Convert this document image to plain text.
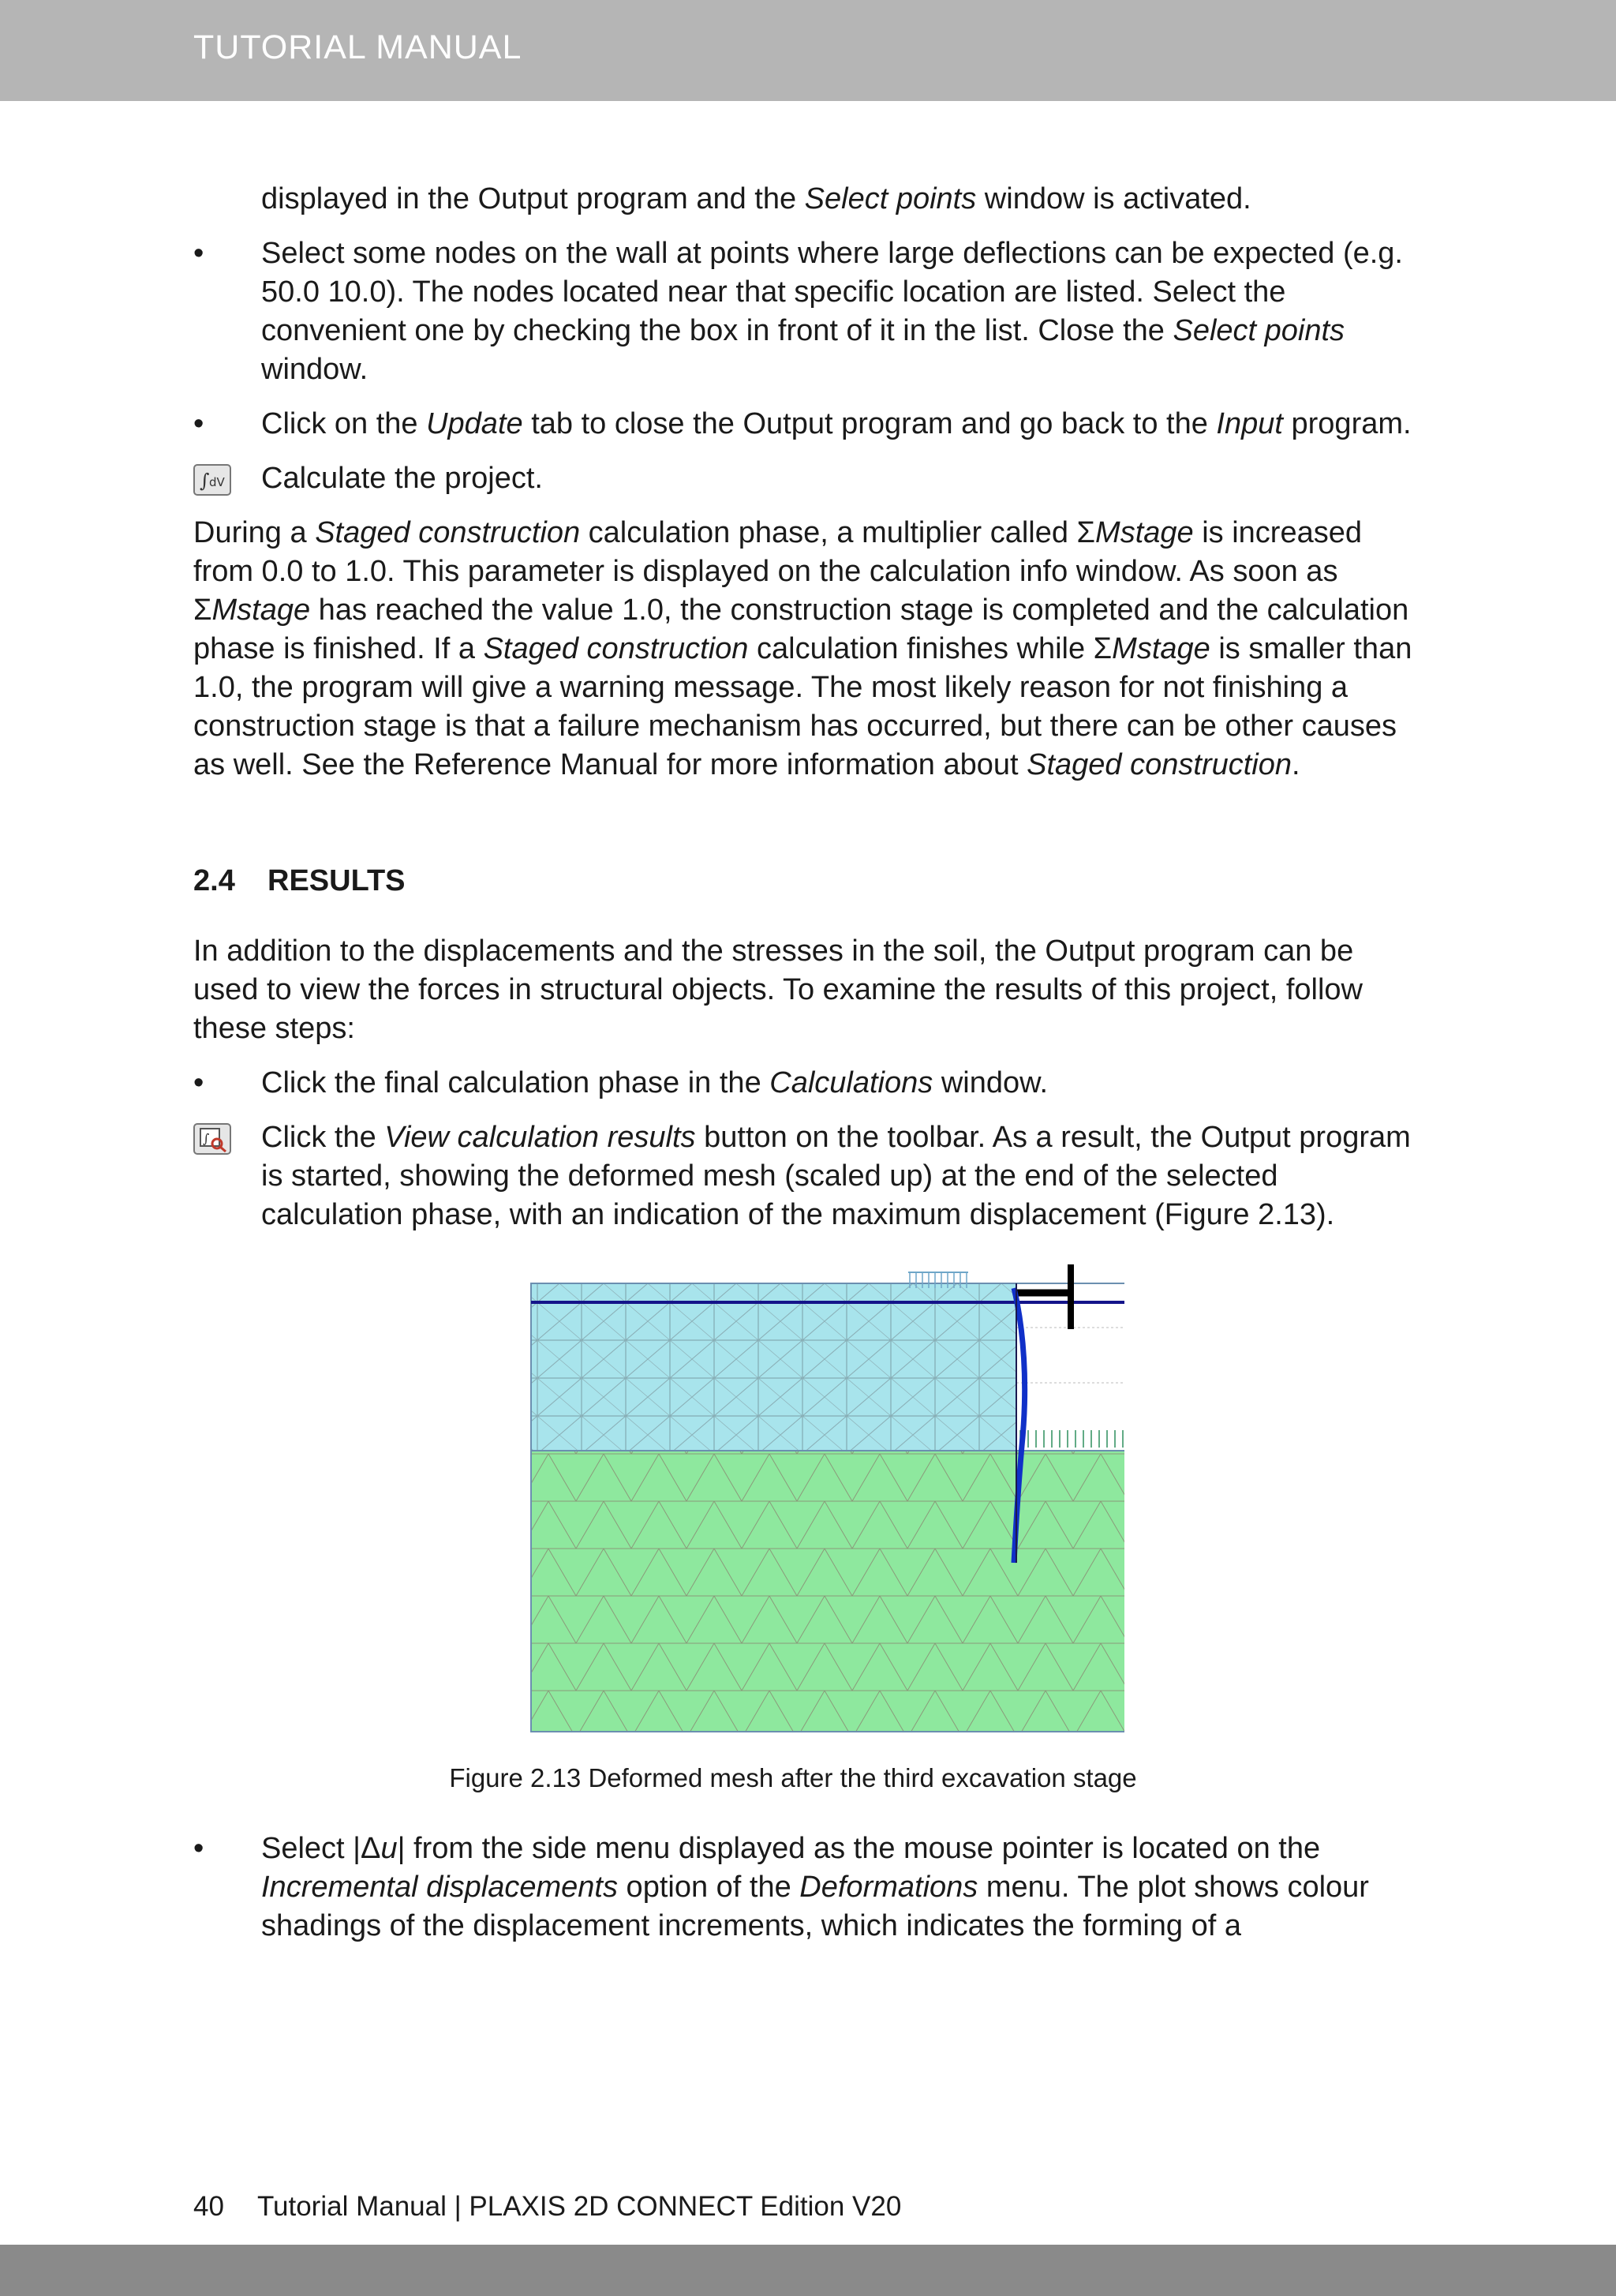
TUTORIAL MANUAL

displayed in the Output program and the Select points window is activated.

•	Select some nodes on the wall at points where large deflections can be expected (e.g. 50.0 10.0). The nodes located near that specific location are listed. Select the convenient one by checking the box in front of it in the list. Close the Select points window.
•	Click on the Update tab to close the Output program and go back to the Input program.
∫ dV Calculate the project.

During a Staged construction calculation phase, a multiplier called ΣMstage is increased from 0.0 to 1.0. This parameter is displayed on the calculation info window. As soon as ΣMstage has reached the value 1.0, the construction stage is completed and the calculation phase is finished. If a Staged construction calculation finishes while ΣMstage is smaller than 1.0, the program will give a warning message. The most likely reason for not finishing a construction stage is that a failure mechanism has occurred, but there can be other causes as well. See the Reference Manual for more information about Staged construction.

2.4 RESULTS

In addition to the displacements and the stresses in the soil, the Output program can be used to view the forces in structural objects. To examine the results of this project, follow these steps:

•	Click the final calculation phase in the Calculations window.
∫ Click the View calculation results button on the toolbar. As a result, the Output program is started, showing the deformed mesh (scaled up) at the end of the selected calculation phase, with an indication of the maximum displacement (Figure 2.13).
Figure 2.13 Deformed mesh after the third excavation stage
•	Select |Δu| from the side menu displayed as the mouse pointer is located on the Incremental displacements option of the Deformations menu. The plot shows colour shadings of the displacement increments, which indicates the forming of a
40 Tutorial Manual | PLAXIS 2D CONNECT Edition V20
